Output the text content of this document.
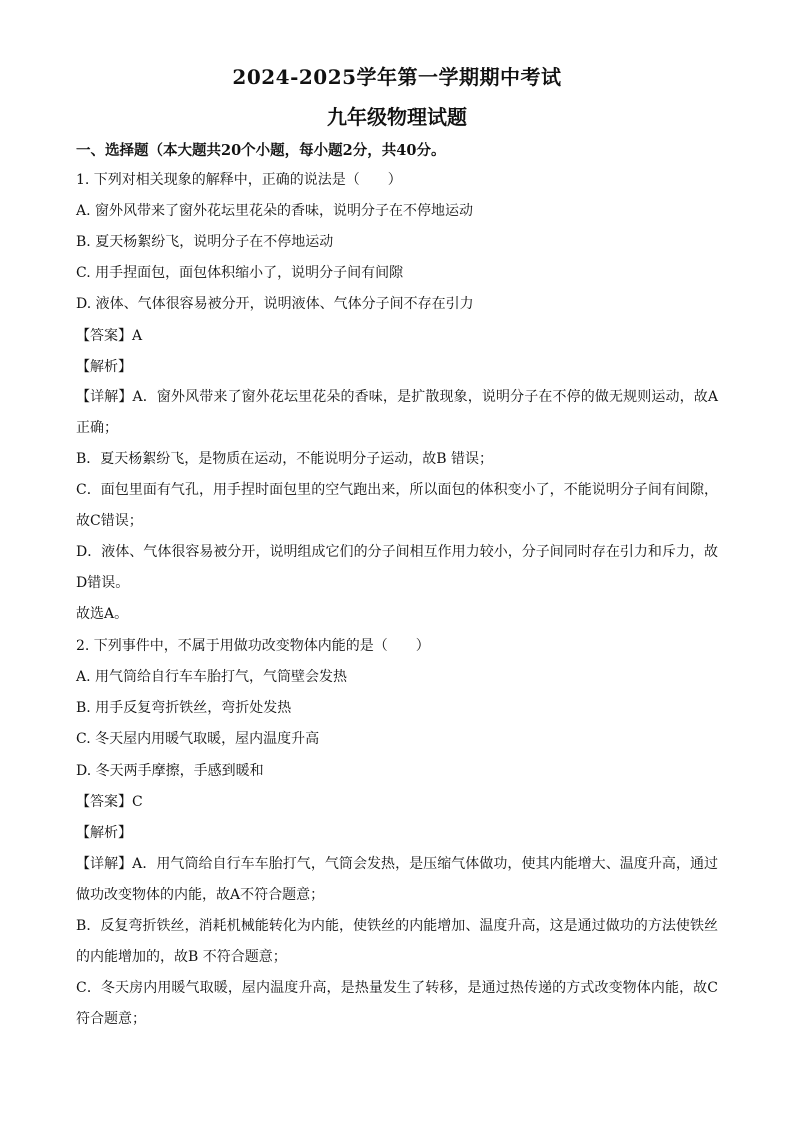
2024-2025学年第一学期期中考试
九年级物理试题

一、选择题（本大题共20个小题，每小题2分，共40分。

1. 下列对相关现象的解释中，正确的说法是（　　）

A. 窗外风带来了窗外花坛里花朵的香味，说明分子在不停地运动

B. 夏天杨絮纷飞，说明分子在不停地运动

C. 用手捏面包，面包体积缩小了，说明分子间有间隙

D. 液体、气体很容易被分开，说明液体、气体分子间不存在引力

【答案】A

【解析】

【详解】A．窗外风带来了窗外花坛里花朵的香味，是扩散现象，说明分子在不停的做无规则运动，故A正确；

B．夏天杨絮纷飞，是物质在运动，不能说明分子运动，故B 错误；

C．面包里面有气孔，用手捏时面包里的空气跑出来，所以面包的体积变小了，不能说明分子间有间隙，故C错误；

D．液体、气体很容易被分开，说明组成它们的分子间相互作用力较小，分子间同时存在引力和斥力，故D错误。

故选A。

2. 下列事件中，不属于用做功改变物体内能的是（　　）

A. 用气筒给自行车车胎打气，气筒壁会发热

B. 用手反复弯折铁丝，弯折处发热

C. 冬天屋内用暖气取暖，屋内温度升高

D. 冬天两手摩擦，手感到暖和

【答案】C

【解析】

【详解】A．用气筒给自行车车胎打气，气筒会发热，是压缩气体做功，使其内能增大、温度升高，通过做功改变物体的内能，故A不符合题意；

B．反复弯折铁丝，消耗机械能转化为内能，使铁丝的内能增加、温度升高，这是通过做功的方法使铁丝的内能增加的，故B 不符合题意；

C．冬天房内用暖气取暖，屋内温度升高，是热量发生了转移，是通过热传递的方式改变物体内能，故C符合题意；
